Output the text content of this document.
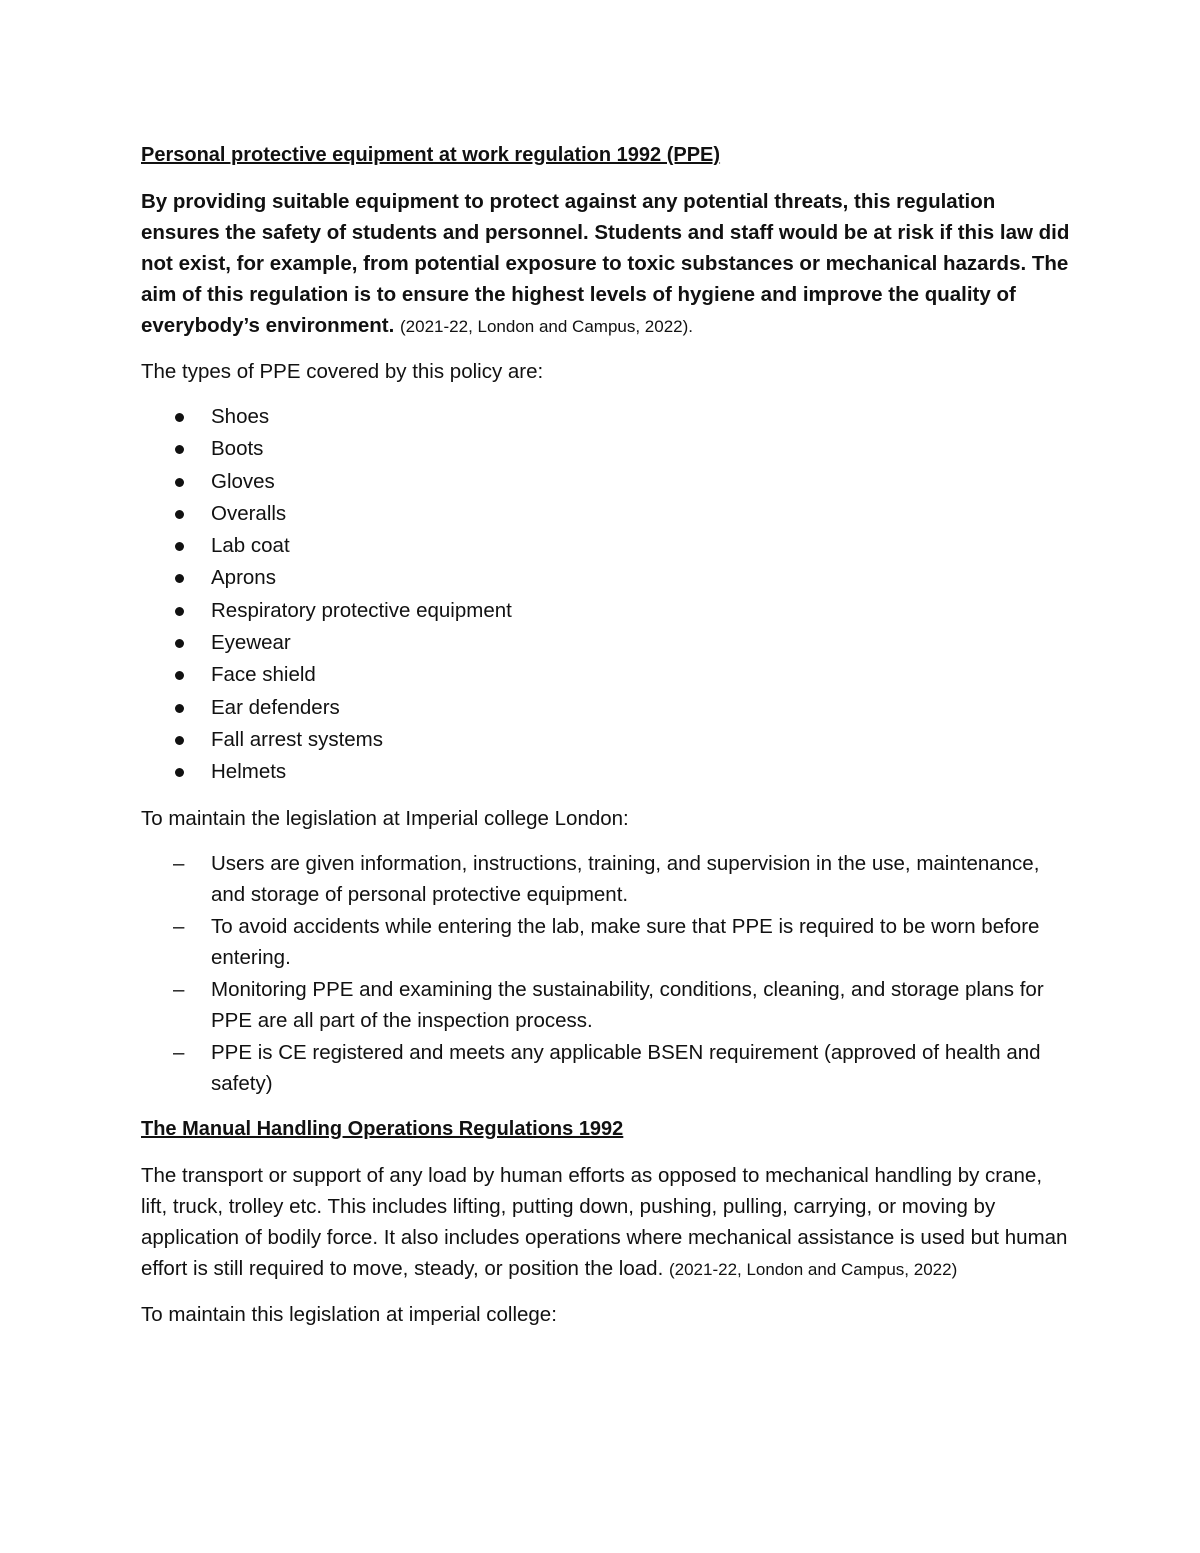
Personal protective equipment at work regulation 1992 (PPE)
By providing suitable equipment to protect against any potential threats, this regulation ensures the safety of students and personnel. Students and staff would be at risk if this law did not exist, for example, from potential exposure to toxic substances or mechanical hazards. The aim of this regulation is to ensure the highest levels of hygiene and improve the quality of everybody’s environment. (2021-22, London and Campus, 2022).
The types of PPE covered by this policy are:
Shoes
Boots
Gloves
Overalls
Lab coat
Aprons
Respiratory protective equipment
Eyewear
Face shield
Ear defenders
Fall arrest systems
Helmets
To maintain the legislation at Imperial college London:
– Users are given information, instructions, training, and supervision in the use, maintenance, and storage of personal protective equipment.
– To avoid accidents while entering the lab, make sure that PPE is required to be worn before entering.
– Monitoring PPE and examining the sustainability, conditions, cleaning, and storage plans for PPE are all part of the inspection process.
– PPE is CE registered and meets any applicable BSEN requirement (approved of health and safety)
The Manual Handling Operations Regulations 1992
The transport or support of any load by human efforts as opposed to mechanical handling by crane, lift, truck, trolley etc. This includes lifting, putting down, pushing, pulling, carrying, or moving by application of bodily force. It also includes operations where mechanical assistance is used but human effort is still required to move, steady, or position the load. (2021-22, London and Campus, 2022)
To maintain this legislation at imperial college:
